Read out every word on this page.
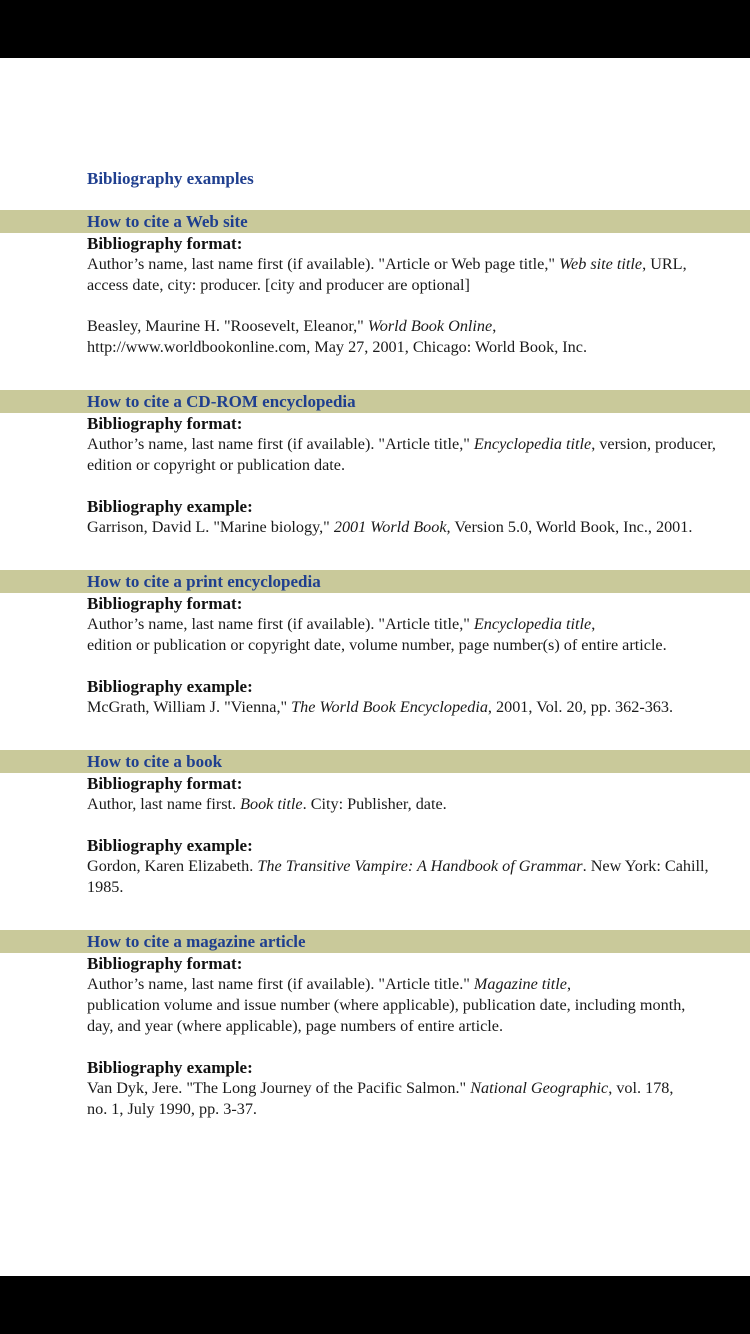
Bibliography examples
How to cite a Web site
Bibliography format:
Author’s name, last name first (if available). "Article or Web page title," Web site title, URL,
access date, city: producer. [city and producer are optional]
Beasley, Maurine H. "Roosevelt, Eleanor," World Book Online,
http://www.worldbookonline.com, May 27, 2001, Chicago: World Book, Inc.
How to cite a CD-ROM encyclopedia
Bibliography format:
Author’s name, last name first (if available). "Article title," Encyclopedia title, version, producer,
edition or copyright or publication date.
Bibliography example:
Garrison, David L. "Marine biology," 2001 World Book, Version 5.0, World Book, Inc., 2001.
How to cite a print encyclopedia
Bibliography format:
Author’s name, last name first (if available). "Article title," Encyclopedia title,
edition or publication or copyright date, volume number, page number(s) of entire article.
Bibliography example:
McGrath, William J. "Vienna," The World Book Encyclopedia, 2001, Vol. 20, pp. 362-363.
How to cite a book
Bibliography format:
Author, last name first. Book title. City: Publisher, date.
Bibliography example:
Gordon, Karen Elizabeth. The Transitive Vampire: A Handbook of Grammar. New York: Cahill,
1985.
How to cite a magazine article
Bibliography format:
Author’s name, last name first (if available). "Article title." Magazine title,
publication volume and issue number (where applicable), publication date, including month,
day, and year (where applicable), page numbers of entire article.
Bibliography example:
Van Dyk, Jere. "The Long Journey of the Pacific Salmon." National Geographic, vol. 178,
no. 1, July 1990, pp. 3-37.
